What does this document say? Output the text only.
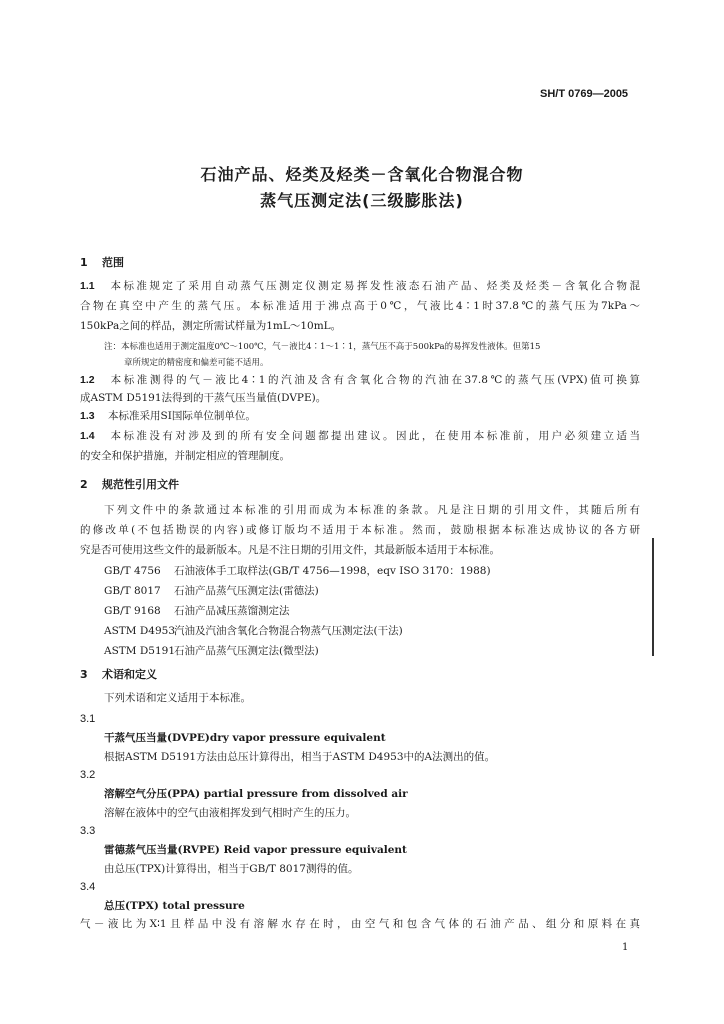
SH/T 0769—2005
石油产品、烃类及烃类－含氧化合物混合物
蒸气压测定法(三级膨胀法)
1 范围
1.1 本标准规定了采用自动蒸气压测定仪测定易挥发性液态石油产品、烃类及烃类－含氧化合物混
合物在真空中产生的蒸气压。本标准适用于沸点高于0℃，气液比4∶1时37.8℃的蒸气压为7kPa～
150kPa之间的样品，测定所需试样量为1mL～10mL。
注：本标准也适用于测定温度0℃～100℃，气－液比4∶1～1∶1，蒸气压不高于500kPa的易挥发性液体。但第15
章所规定的精密度和偏差可能不适用。
1.2 本标准测得的气－液比4∶1的汽油及含有含氧化合物的汽油在37.8℃的蒸气压(VPX)值可换算
成ASTM D5191法得到的干蒸气压当量值(DVPE)。
1.3 本标准采用SI国际单位制单位。
1.4 本标准没有对涉及到的所有安全问题都提出建议。因此，在使用本标准前，用户必须建立适当
的安全和保护措施，并制定相应的管理制度。
2 规范性引用文件
下列文件中的条款通过本标准的引用而成为本标准的条款。凡是注日期的引用文件，其随后所有
的修改单(不包括勘误的内容)或修订版均不适用于本标准。然而，鼓励根据本标准达成协议的各方研
究是否可使用这些文件的最新版本。凡是不注日期的引用文件，其最新版本适用于本标准。
GB/T 4756 石油液体手工取样法(GB/T 4756—1998，eqv ISO 3170：1988)
GB/T 8017 石油产品蒸气压测定法(雷德法)
GB/T 9168 石油产品减压蒸馏测定法
ASTM D4953汽油及汽油含氧化合物混合物蒸气压测定法(干法)
ASTM D5191石油产品蒸气压测定法(微型法)
3 术语和定义
下列术语和定义适用于本标准。
3.1
干蒸气压当量(DVPE)dry vapor pressure equivalent
根据ASTM D5191方法由总压计算得出，相当于ASTM D4953中的A法测出的值。
3.2
溶解空气分压(PPA) partial pressure from dissolved air
溶解在液体中的空气由液相挥发到气相时产生的压力。
3.3
雷德蒸气压当量(RVPE) Reid vapor pressure equivalent
由总压(TPX)计算得出，相当于GB/T 8017测得的值。
3.4
总压(TPX) total pressure
气－液比为X∶1且样品中没有溶解水存在时，由空气和包含气体的石油产品、组分和原料在真
1
